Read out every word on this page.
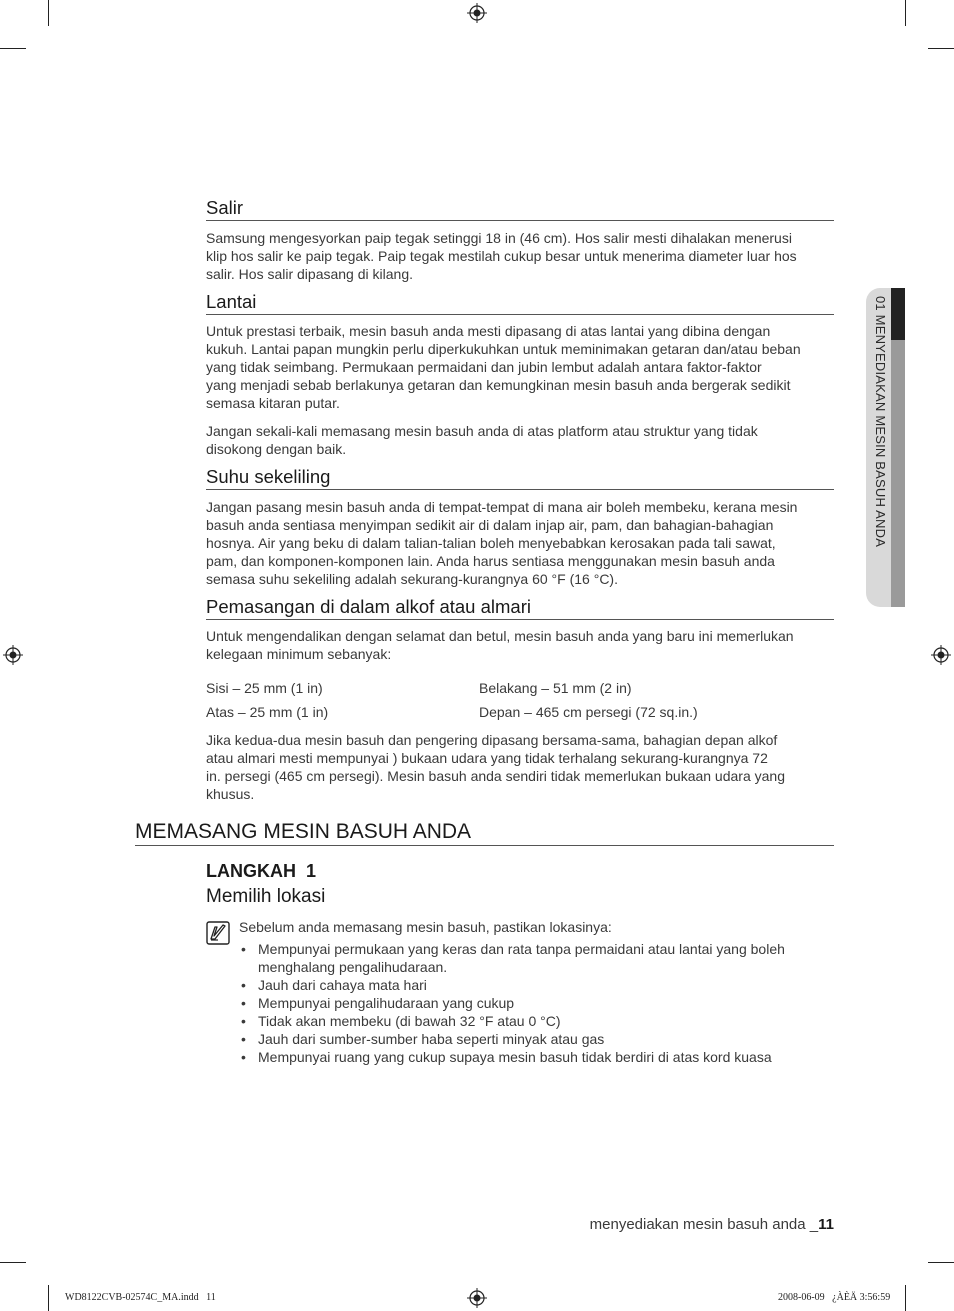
01 MENYEDIAKAN MESIN BASUH ANDA
Salir
Samsung mengesyorkan paip tegak setinggi 18 in (46 cm). Hos salir mesti dihalakan menerusi
klip hos salir ke paip tegak. Paip tegak mestilah cukup besar untuk menerima diameter luar hos
salir. Hos salir dipasang di kilang.
Lantai
Untuk prestasi terbaik, mesin basuh anda mesti dipasang di atas lantai yang dibina dengan
kukuh. Lantai papan mungkin perlu diperkukuhkan untuk meminimakan getaran dan/atau beban
yang tidak seimbang. Permukaan permaidani dan jubin lembut adalah antara faktor-faktor
yang menjadi sebab berlakunya getaran dan kemungkinan mesin basuh anda bergerak sedikit
semasa kitaran putar.
Jangan sekali-kali memasang mesin basuh anda di atas platform atau struktur yang tidak
disokong dengan baik.
Suhu sekeliling
Jangan pasang mesin basuh anda di tempat-tempat di mana air boleh membeku, kerana mesin
basuh anda sentiasa menyimpan sedikit air di dalam injap air, pam, dan bahagian-bahagian
hosnya. Air yang beku di dalam talian-talian boleh menyebabkan kerosakan pada tali sawat,
pam, dan komponen-komponen lain. Anda harus sentiasa menggunakan mesin basuh anda
semasa suhu sekeliling adalah sekurang-kurangnya 60 °F (16 °C).
Pemasangan di dalam alkof atau almari
Untuk mengendalikan dengan selamat dan betul, mesin basuh anda yang baru ini memerlukan
kelegaan minimum sebanyak:
Sisi – 25 mm (1 in)	Belakang – 51 mm (2 in)
Atas – 25 mm (1 in)	Depan – 465 cm persegi (72 sq.in.)
Jika kedua-dua mesin basuh dan pengering dipasang bersama-sama, bahagian depan alkof
atau almari mesti mempunyai ) bukaan udara yang tidak terhalang sekurang-kurangnya 72
in. persegi (465 cm persegi). Mesin basuh anda sendiri tidak memerlukan bukaan udara yang
khusus.
MEMASANG MESIN BASUH ANDA
LANGKAH  1
Memilih lokasi
Sebelum anda memasang mesin basuh, pastikan lokasinya:
• Mempunyai permukaan yang keras dan rata tanpa permaidani atau lantai yang boleh
menghalang pengalihudaraan.
• Jauh dari cahaya mata hari
• Mempunyai pengalihudaraan yang cukup
• Tidak akan membeku (di bawah 32 °F atau 0 °C)
• Jauh dari sumber-sumber haba seperti minyak atau gas
• Mempunyai ruang yang cukup supaya mesin basuh tidak berdiri di atas kord kuasa
menyediakan mesin basuh anda _11
WD8122CVB-02574C_MA.indd   11	2008-06-09   ¿ÀÈÄ 3:56:59
